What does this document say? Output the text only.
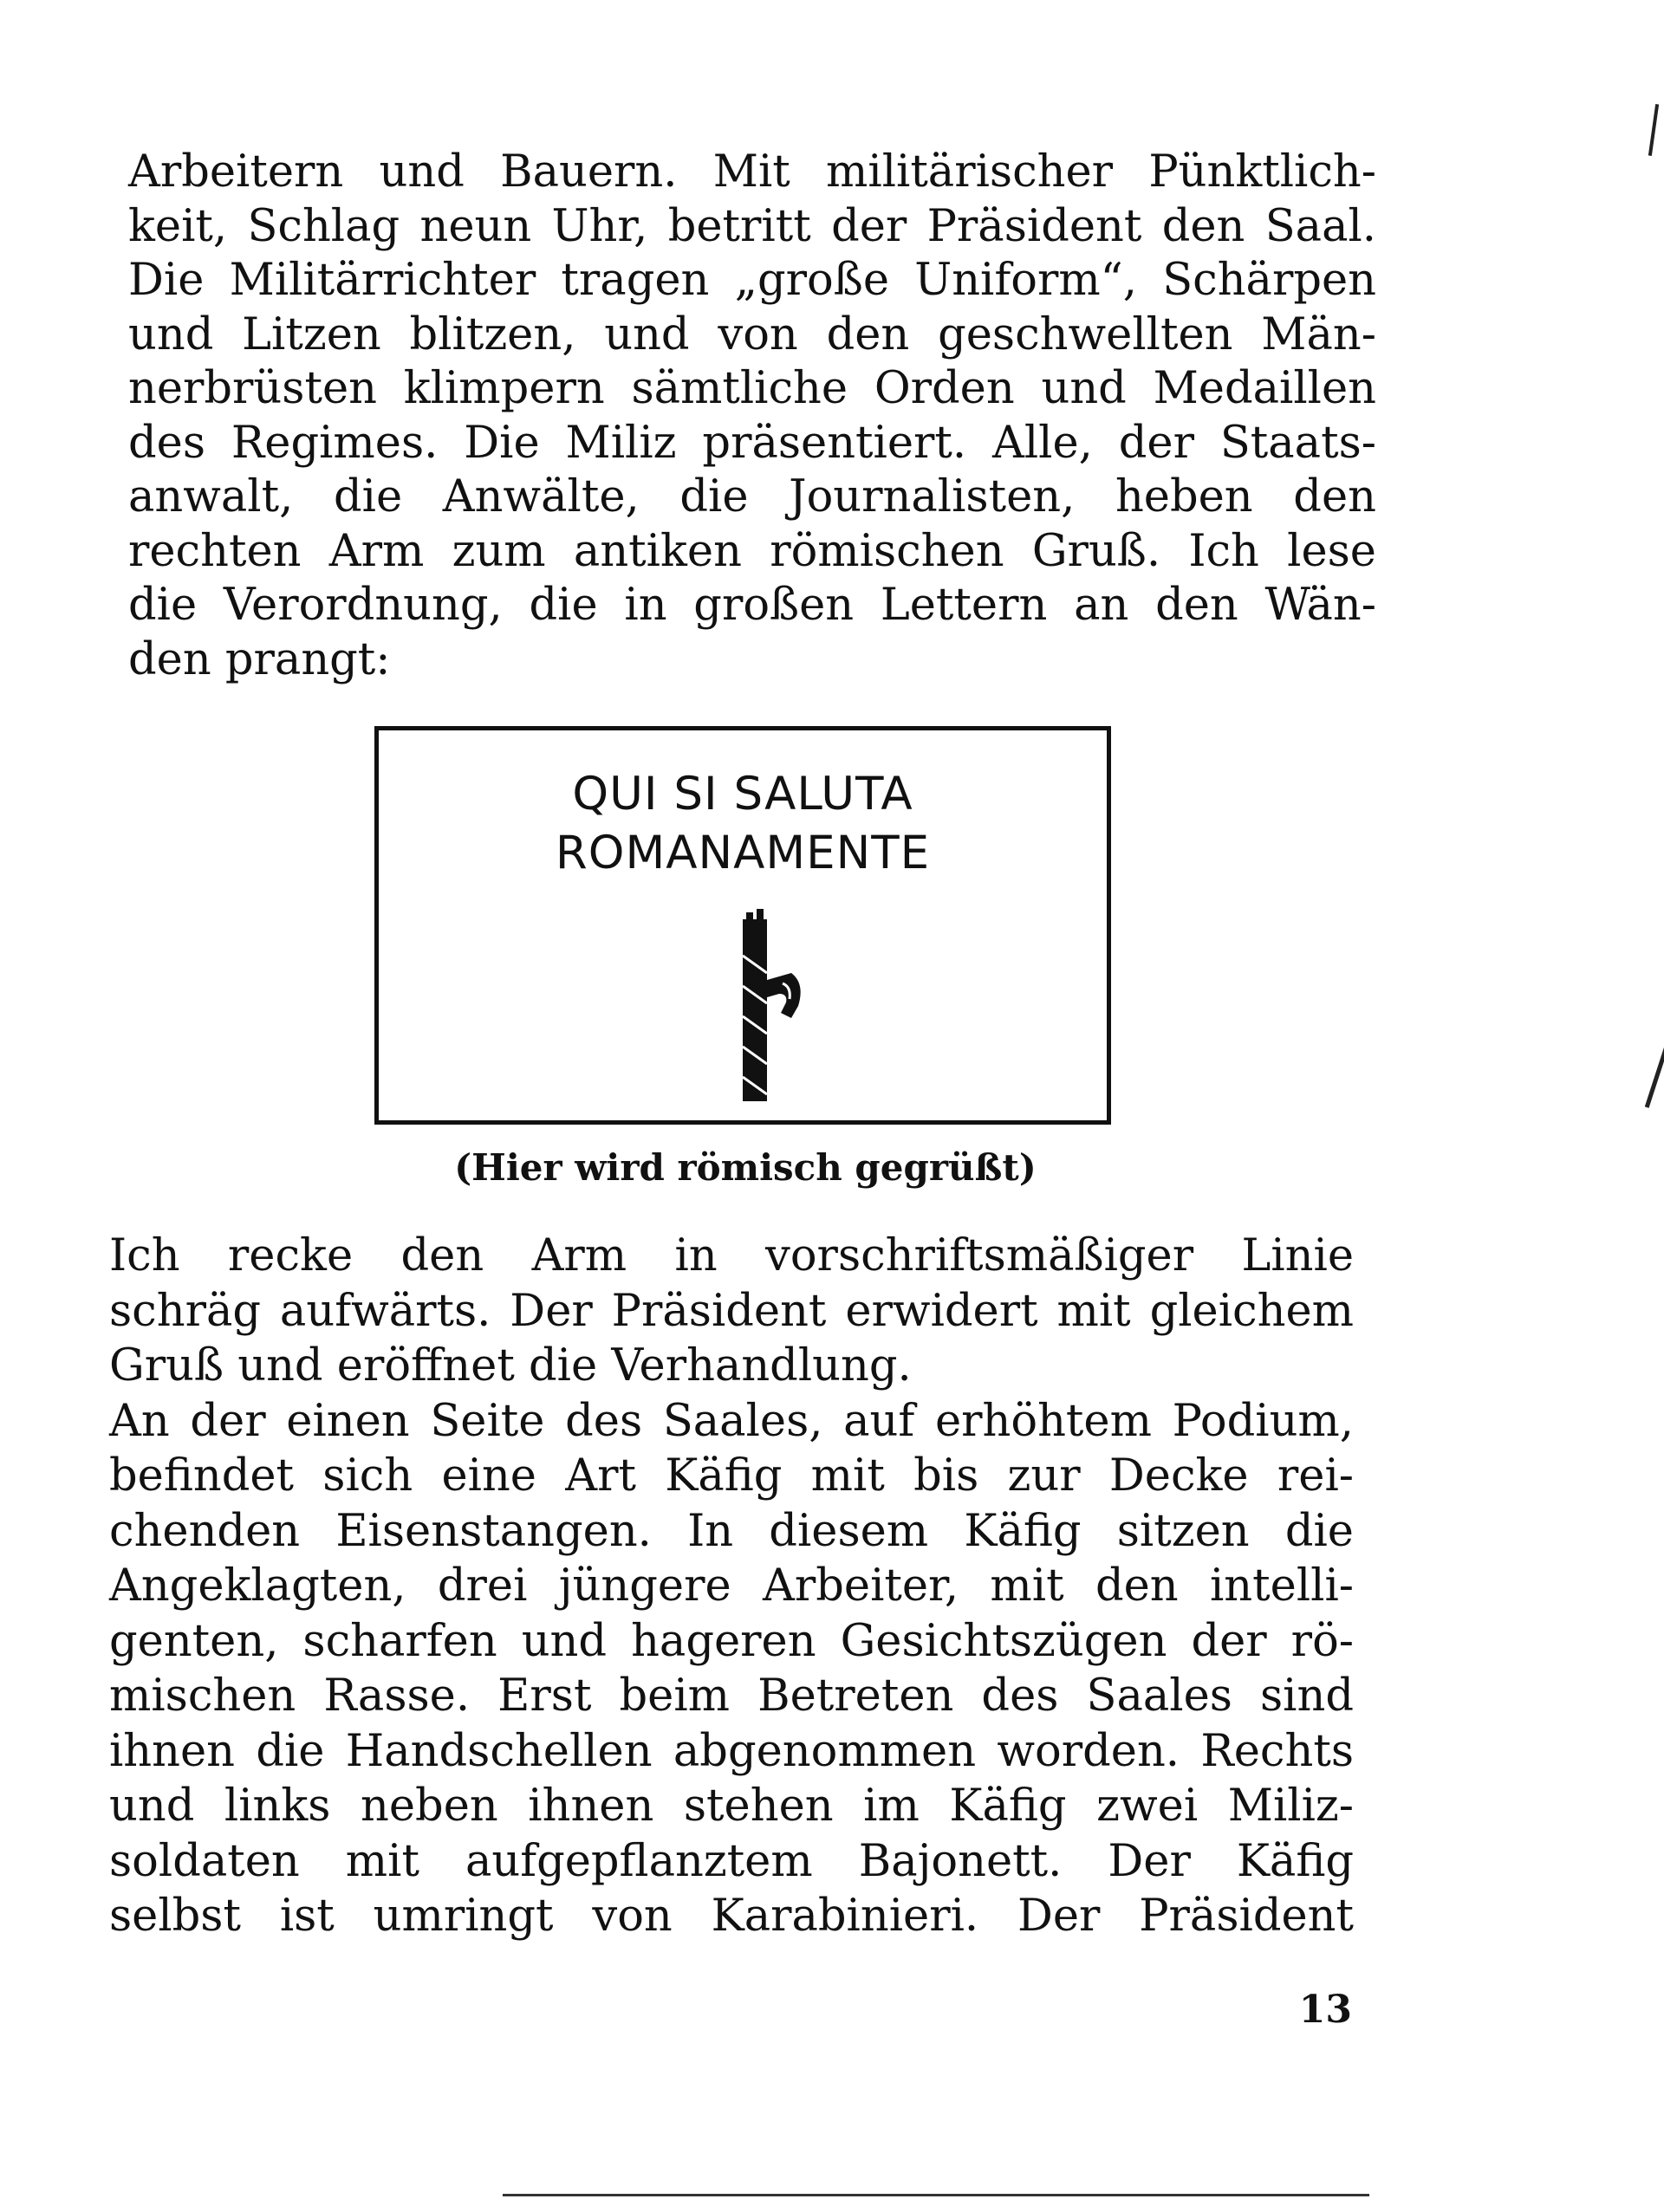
Arbeitern und Bauern. Mit militärischer Pünktlich-
keit, Schlag neun Uhr, betritt der Präsident den Saal.
Die Militärrichter tragen „große Uniform“, Schärpen
und Litzen blitzen, und von den geschwellten Män-
nerbrüsten klimpern sämtliche Orden und Medaillen
des Regimes. Die Miliz präsentiert. Alle, der Staats-
anwalt, die Anwälte, die Journalisten, heben den
rechten Arm zum antiken römischen Gruß. Ich lese
die Verordnung, die in großen Lettern an den Wän-
den prangt:
QUI SI SALUTA
ROMANAMENTE
(Hier wird römisch gegrüßt)
Ich recke den Arm in vorschriftsmäßiger Linie
schräg aufwärts. Der Präsident erwidert mit gleichem
Gruß und eröffnet die Verhandlung.
An der einen Seite des Saales, auf erhöhtem Podium,
befindet sich eine Art Käfig mit bis zur Decke rei-
chenden Eisenstangen. In diesem Käfig sitzen die
Angeklagten, drei jüngere Arbeiter, mit den intelli-
genten, scharfen und hageren Gesichtszügen der rö-
mischen Rasse. Erst beim Betreten des Saales sind
ihnen die Handschellen abgenommen worden. Rechts
und links neben ihnen stehen im Käfig zwei Miliz-
soldaten mit aufgepflanztem Bajonett. Der Käfig
selbst ist umringt von Karabinieri. Der Präsident
13
